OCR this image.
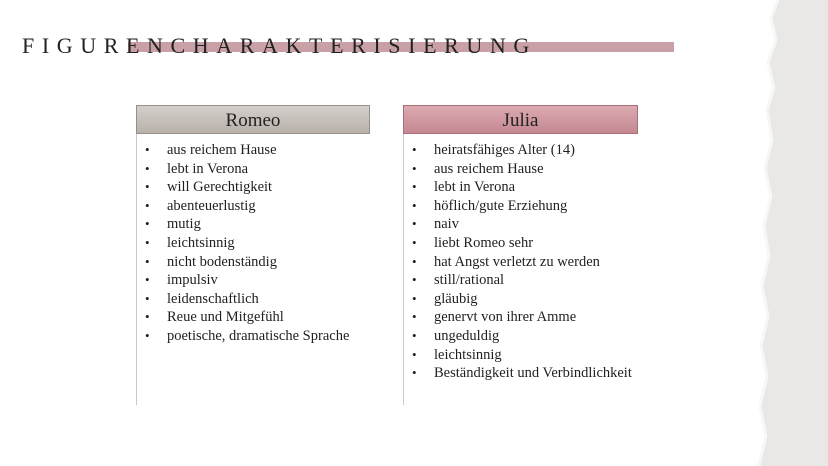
FIGURENCHARAKTERISIERUNG
Romeo
• aus reichem Hause
• lebt in Verona
• will Gerechtigkeit
• abenteuerlustig
• mutig
• leichtsinnig
• nicht bodenständig
• impulsiv
• leidenschaftlich
• Reue und Mitgefühl
• poetische, dramatische Sprache
Julia
• heiratsfähiges Alter (14)
• aus reichem Hause
• lebt in Verona
• höflich/gute Erziehung
• naiv
• liebt Romeo sehr
• hat Angst verletzt zu werden
• still/rational
• gläubig
• genervt von ihrer Amme
• ungeduldig
• leichtsinnig
• Beständigkeit und Verbindlichkeit
